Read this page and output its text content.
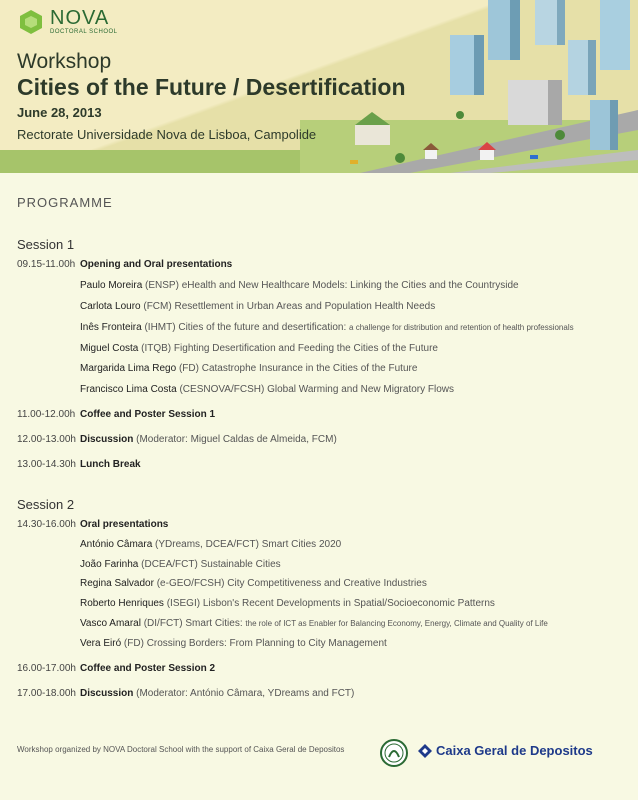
NOVA
DOCTORAL SCHOOL
Workshop
Cities of the Future / Desertification
June 28, 2013
Rectorate Universidade Nova de Lisboa, Campolide
PROGRAMME
Session 1
09.15-11.00h Opening and Oral presentations
Paulo Moreira (ENSP) eHealth and New Healthcare Models: Linking the Cities and the Countryside
Carlota Louro (FCM) Resettlement in Urban Areas and Population Health Needs
Inês Fronteira (IHMT) Cities of the future and desertification: a challenge for distribution and retention of health professionals
Miguel Costa (ITQB) Fighting Desertification and Feeding the Cities of the Future
Margarida Lima Rego (FD) Catastrophe Insurance in the Cities of the Future
Francisco Lima Costa (CESNOVA/FCSH) Global Warming and New Migratory Flows
11.00-12.00h Coffee and Poster Session 1
12.00-13.00h Discussion (Moderator: Miguel Caldas de Almeida, FCM)
13.00-14.30h Lunch Break
Session 2
14.30-16.00h Oral presentations
António Câmara (YDreams, DCEA/FCT) Smart Cities 2020
João Farinha (DCEA/FCT) Sustainable Cities
Regina Salvador (e-GEO/FCSH) City Competitiveness and Creative Industries
Roberto Henriques (ISEGI) Lisbon's Recent Developments in Spatial/Socioeconomic Patterns
Vasco Amaral (DI/FCT) Smart Cities: the role of ICT as Enabler for Balancing Economy, Energy, Climate and Quality of Life
Vera Eiró (FD) Crossing Borders: From Planning to City Management
16.00-17.00h Coffee and Poster Session 2
17.00-18.00h Discussion (Moderator: António Câmara, YDreams and FCT)
Workshop organized by NOVA Doctoral School with the support of Caixa Geral de Depositos	Caixa Geral de Depositos
